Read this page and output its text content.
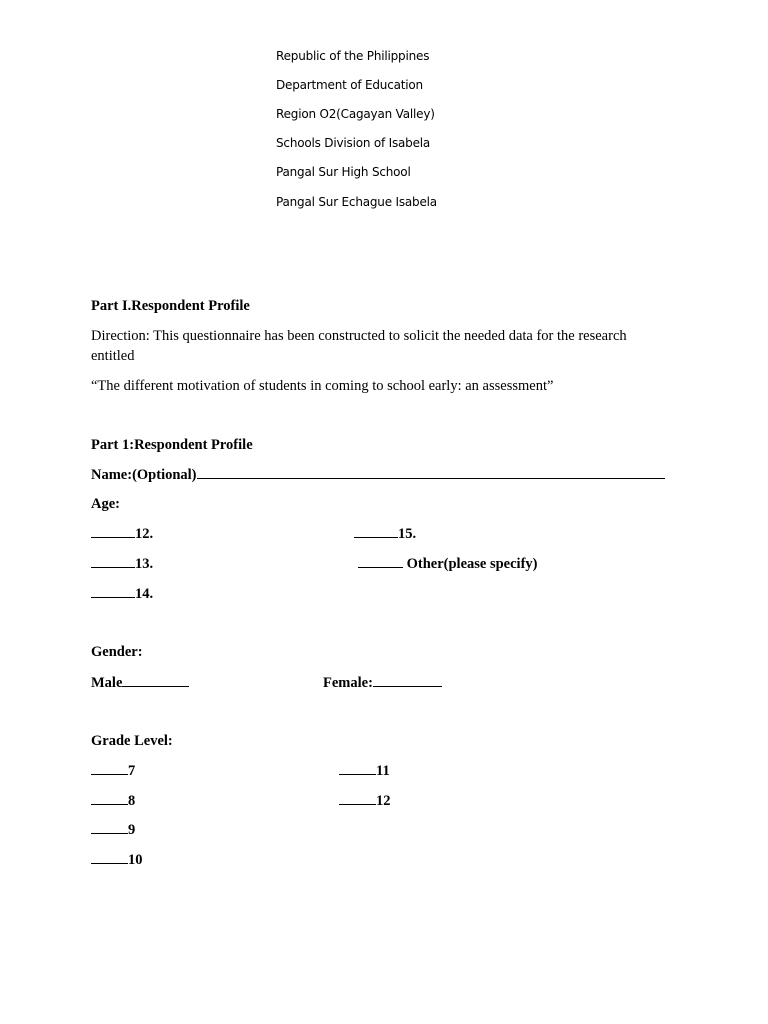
Republic of the Philippines
Department of Education
Region O2(Cagayan Valley)
Schools Division of Isabela
Pangal Sur High School
Pangal Sur Echague Isabela
Part I.Respondent Profile
Direction: This questionnaire has been constructed to solicit the needed data for the research
entitled
“The different motivation of students in coming to school early: an assessment”
Part 1:Respondent Profile
Name:(Optional)
Age:
12.
13.
14.
15.
Other(please specify)
Gender:
Male	Female:
Grade Level:
7
8
9
10
11
12
